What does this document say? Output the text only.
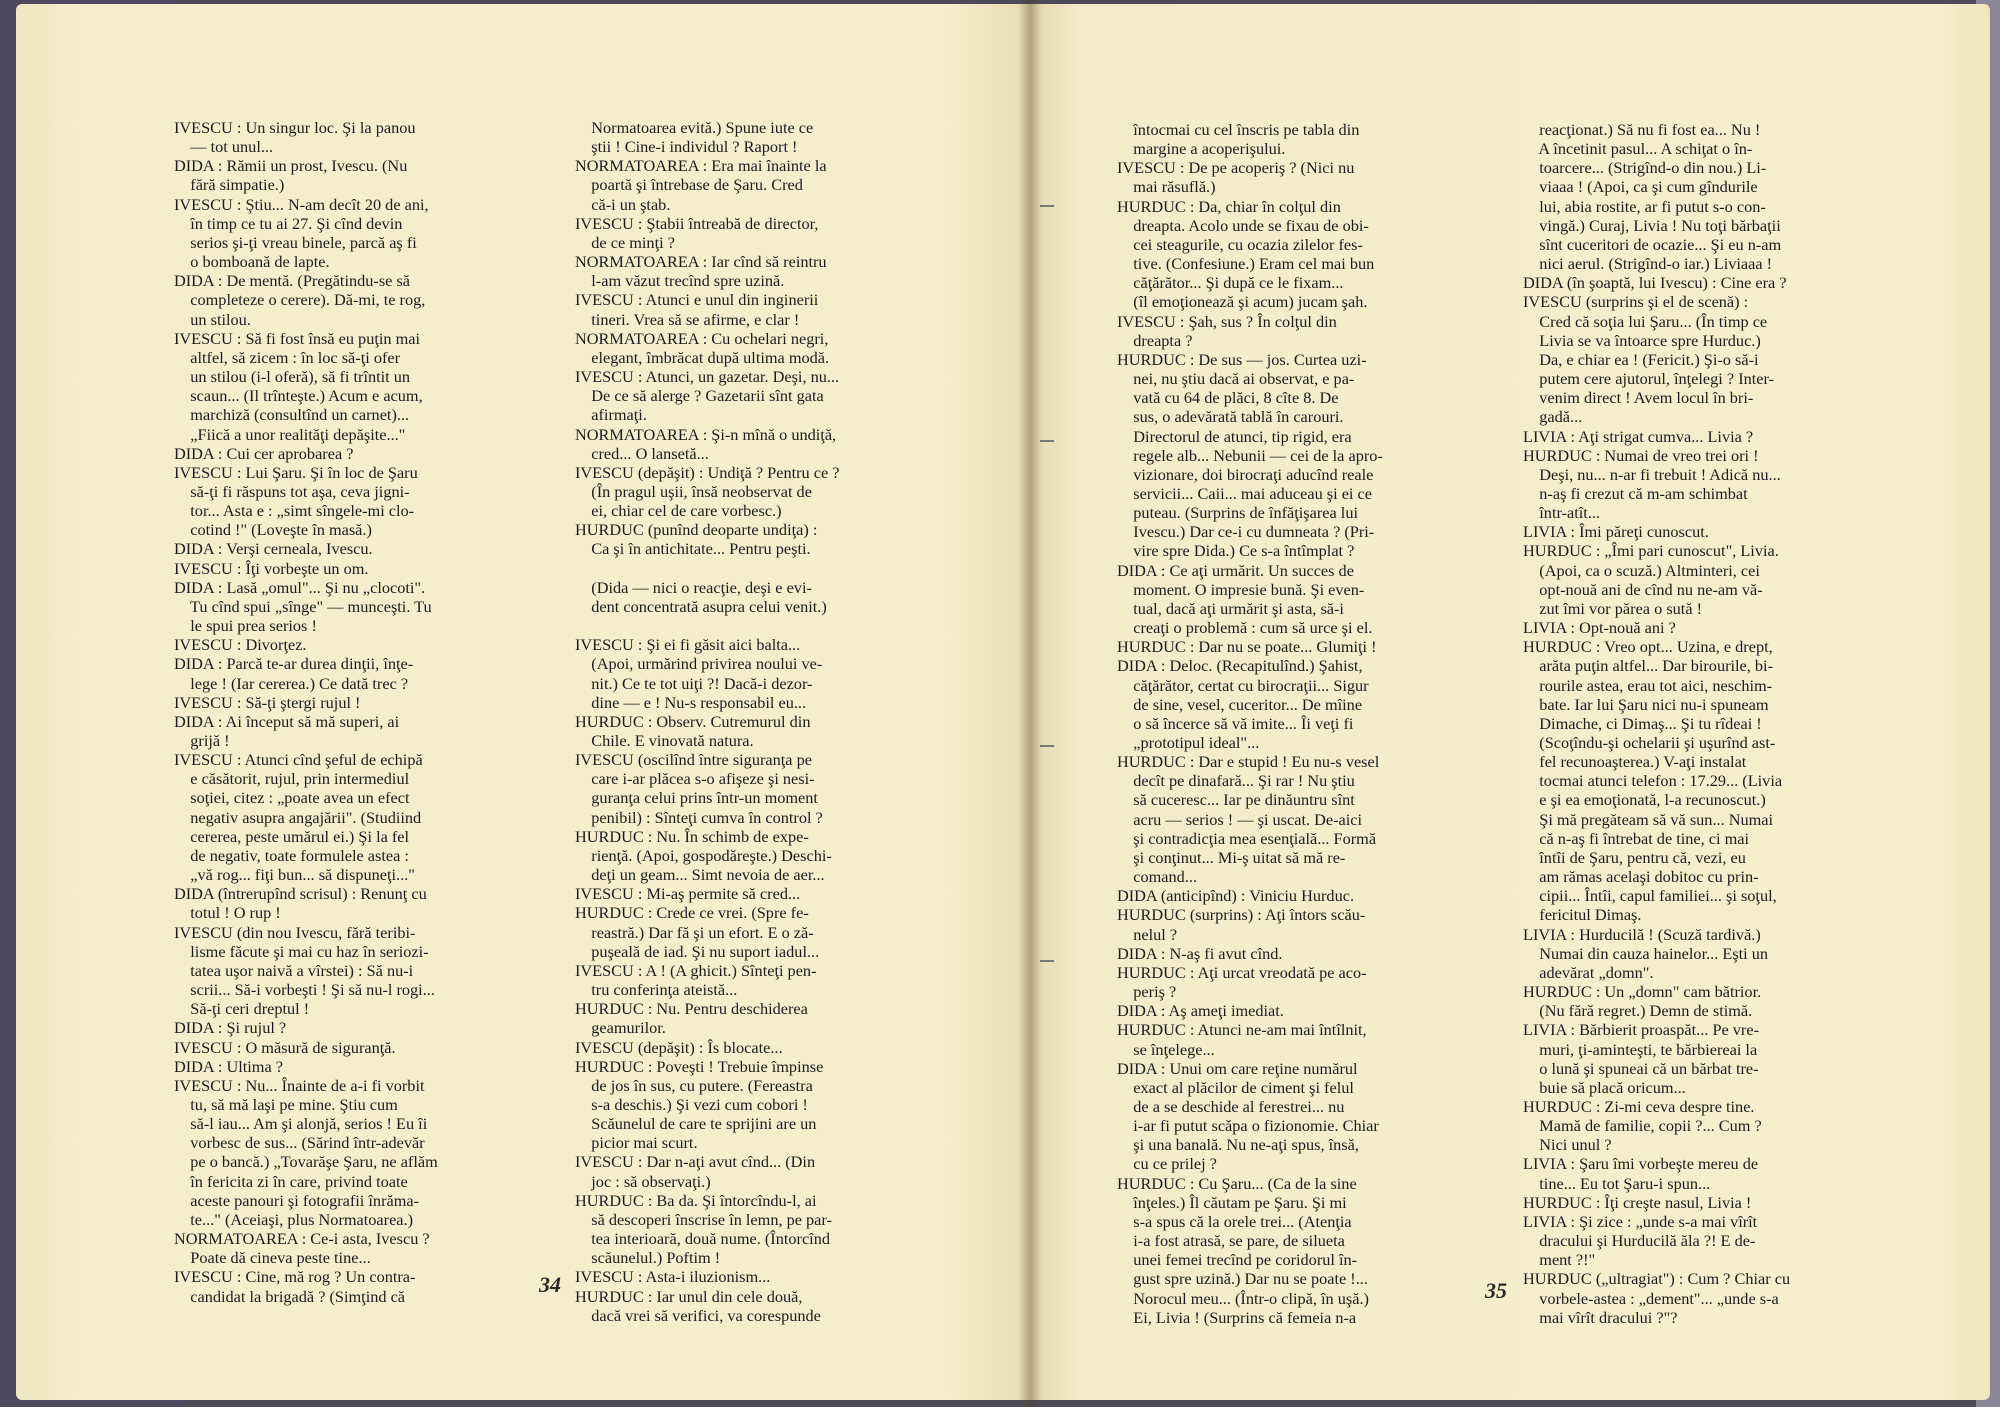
IVESCU : Un singur loc. Şi la panou
— tot unul...
DIDA : Rămii un prost, Ivescu. (Nu
fără simpatie.)
IVESCU : Ştiu... N-am decît 20 de ani,
în timp ce tu ai 27. Şi cînd devin
serios şi-ţi vreau binele, parcă aş fi
o bomboană de lapte.
DIDA : De mentă. (Pregătindu-se să
completeze o cerere). Dă-mi, te rog,
un stilou.
IVESCU : Să fi fost însă eu puţin mai
altfel, să zicem : în loc să-ţi ofer
un stilou (i-l oferă), să fi trîntit un
scaun... (Il trînteşte.) Acum e acum,
marchiză (consultînd un carnet)...
„Fiică a unor realităţi depăşite..."
DIDA : Cui cer aprobarea ?
IVESCU : Lui Şaru. Şi în loc de Şaru
să-ţi fi răspuns tot aşa, ceva jigni-
tor... Asta e : „simt sîngele-mi clo-
cotind !" (Loveşte în masă.)
DIDA : Verşi cerneala, Ivescu.
IVESCU : Îţi vorbeşte un om.
DIDA : Lasă „omul"... Şi nu „clocoti".
Tu cînd spui „sînge" — munceşti. Tu
le spui prea serios !
IVESCU : Divorţez.
DIDA : Parcă te-ar durea dinţii, înţe-
lege ! (Iar cererea.) Ce dată trec ?
IVESCU : Să-ţi ştergi rujul !
DIDA : Ai început să mă superi, ai
grijă !
IVESCU : Atunci cînd şeful de echipă
e căsătorit, rujul, prin intermediul
soţiei, citez : „poate avea un efect
negativ asupra angajării". (Studiind
cererea, peste umărul ei.) Şi la fel
de negativ, toate formulele astea :
„vă rog... fiţi bun... să dispuneţi..."
DIDA (întrerupînd scrisul) : Renunţ cu
totul ! O rup !
IVESCU (din nou Ivescu, fără teribi-
lisme făcute şi mai cu haz în seriozi-
tatea uşor naivă a vîrstei) : Să nu-i
scrii... Să-i vorbeşti ! Şi să nu-l rogi...
Să-ţi ceri dreptul !
DIDA : Şi rujul ?
IVESCU : O măsură de siguranţă.
DIDA : Ultima ?
IVESCU : Nu... Înainte de a-i fi vorbit
tu, să mă laşi pe mine. Ştiu cum
să-l iau... Am şi alonjă, serios ! Eu îi
vorbesc de sus... (Sărind într-adevăr
pe o bancă.) „Tovarăşe Şaru, ne aflăm
în fericita zi în care, privind toate
aceste panouri şi fotografii înrăma-
te..." (Aceiaşi, plus Normatoarea.)
NORMATOAREA : Ce-i asta, Ivescu ?
Poate dă cineva peste tine...
IVESCU : Cine, mă rog ? Un contra-
candidat la brigadă ? (Simţind că
Normatoarea evită.) Spune iute ce
ştii ! Cine-i individul ? Raport !
NORMATOAREA : Era mai înainte la
poartă şi întrebase de Şaru. Cred
că-i un ştab.
IVESCU : Ştabii întreabă de director,
de ce minţi ?
NORMATOAREA : Iar cînd să reintru
l-am văzut trecînd spre uzină.
IVESCU : Atunci e unul din inginerii
tineri. Vrea să se afirme, e clar !
NORMATOAREA : Cu ochelari negri,
elegant, îmbrăcat după ultima modă.
IVESCU : Atunci, un gazetar. Deşi, nu...
De ce să alerge ? Gazetarii sînt gata
afirmaţi.
NORMATOAREA : Şi-n mînă o undiţă,
cred... O lansetă...
IVESCU (depăşit) : Undiţă ? Pentru ce ?
(În pragul uşii, însă neobservat de
ei, chiar cel de care vorbesc.)
HURDUC (punînd deoparte undiţa) :
Ca şi în antichitate... Pentru peşti.

(Dida — nici o reacţie, deşi e evi-
dent concentrată asupra celui venit.)

IVESCU : Şi ei fi găsit aici balta...
(Apoi, urmărind privirea noului ve-
nit.) Ce te tot uiţi ?! Dacă-i dezor-
dine — e ! Nu-s responsabil eu...
HURDUC : Observ. Cutremurul din
Chile. E vinovată natura.
IVESCU (oscilînd între siguranţa pe
care i-ar plăcea s-o afişeze şi nesi-
guranţa celui prins într-un moment
penibil) : Sînteţi cumva în control ?
HURDUC : Nu. În schimb de expe-
rienţă. (Apoi, gospodăreşte.) Deschi-
deţi un geam... Simt nevoia de aer...
IVESCU : Mi-aş permite să cred...
HURDUC : Crede ce vrei. (Spre fe-
reastră.) Dar fă şi un efort. E o ză-
puşeală de iad. Şi nu suport iadul...
IVESCU : A ! (A ghicit.) Sînteţi pen-
tru conferinţa ateistă...
HURDUC : Nu. Pentru deschiderea
geamurilor.
IVESCU (depăşit) : Îs blocate...
HURDUC : Poveşti ! Trebuie împinse
de jos în sus, cu putere. (Fereastra
s-a deschis.) Şi vezi cum cobori !
Scăunelul de care te sprijini are un
picior mai scurt.
IVESCU : Dar n-aţi avut cînd... (Din
joc : să observaţi.)
HURDUC : Ba da. Şi întorcîndu-l, ai
să descoperi înscrise în lemn, pe par-
tea interioară, două nume. (Întorcînd
scăunelul.) Poftim !
IVESCU : Asta-i iluzionism...
HURDUC : Iar unul din cele două,
dacă vrei să verifici, va corespunde
34
întocmai cu cel înscris pe tabla din
margine a acoperişului.
IVESCU : De pe acoperiş ? (Nici nu
mai răsuflă.)
HURDUC : Da, chiar în colţul din
dreapta. Acolo unde se fixau de obi-
cei steagurile, cu ocazia zilelor fes-
tive. (Confesiune.) Eram cel mai bun
căţărător... Şi după ce le fixam...
(îl emoţionează şi acum) jucam şah.
IVESCU : Şah, sus ? În colţul din
dreapta ?
HURDUC : De sus — jos. Curtea uzi-
nei, nu ştiu dacă ai observat, e pa-
vată cu 64 de plăci, 8 cîte 8. De
sus, o adevărată tablă în carouri.
Directorul de atunci, tip rigid, era
regele alb... Nebunii — cei de la apro-
vizionare, doi birocraţi aducînd reale
servicii... Caii... mai aduceau şi ei ce
puteau. (Surprins de înfăţişarea lui
Ivescu.) Dar ce-i cu dumneata ? (Pri-
vire spre Dida.) Ce s-a întîmplat ?
DIDA : Ce aţi urmărit. Un succes de
moment. O impresie bună. Şi even-
tual, dacă aţi urmărit şi asta, să-i
creaţi o problemă : cum să urce şi el.
HURDUC : Dar nu se poate... Glumiţi !
DIDA : Deloc. (Recapitulînd.) Şahist,
căţărător, certat cu birocraţii... Sigur
de sine, vesel, cuceritor... De mîine
o să încerce să vă imite... Îi veţi fi
„prototipul ideal"...
HURDUC : Dar e stupid ! Eu nu-s vesel
decît pe dinafară... Şi rar ! Nu ştiu
să cuceresc... Iar pe dinăuntru sînt
acru — serios ! — şi uscat. De-aici
şi contradicţia mea esenţială... Formă
şi conţinut... Mi-ş uitat să mă re-
comand...
DIDA (anticipînd) : Viniciu Hurduc.
HURDUC (surprins) : Aţi întors scău-
nelul ?
DIDA : N-aş fi avut cînd.
HURDUC : Aţi urcat vreodată pe aco-
periş ?
DIDA : Aş ameţi imediat.
HURDUC : Atunci ne-am mai întîlnit,
se înţelege...
DIDA : Unui om care reţine numărul
exact al plăcilor de ciment şi felul
de a se deschide al ferestrei... nu
i-ar fi putut scăpa o fizionomie. Chiar
şi una banală. Nu ne-aţi spus, însă,
cu ce prilej ?
HURDUC : Cu Şaru... (Ca de la sine
înţeles.) Îl căutam pe Şaru. Şi mi
s-a spus că la orele trei... (Atenţia
i-a fost atrasă, se pare, de silueta
unei femei trecînd pe coridorul în-
gust spre uzină.) Dar nu se poate !...
Norocul meu... (Într-o clipă, în uşă.)
Ei, Livia ! (Surprins că femeia n-a
reacţionat.) Să nu fi fost ea... Nu !
A încetinit pasul... A schiţat o în-
toarcere... (Strigînd-o din nou.) Li-
viaaa ! (Apoi, ca şi cum gîndurile
lui, abia rostite, ar fi putut s-o con-
vingă.) Curaj, Livia ! Nu toţi bărbaţii
sînt cuceritori de ocazie... Şi eu n-am
nici aerul. (Strigînd-o iar.) Liviaaa !
DIDA (în şoaptă, lui Ivescu) : Cine era ?
IVESCU (surprins şi el de scenă) :
Cred că soţia lui Şaru... (În timp ce
Livia se va întoarce spre Hurduc.)
Da, e chiar ea ! (Fericit.) Şi-o să-i
putem cere ajutorul, înţelegi ? Inter-
venim direct ! Avem locul în bri-
gadă...
LIVIA : Aţi strigat cumva... Livia ?
HURDUC : Numai de vreo trei ori !
Deşi, nu... n-ar fi trebuit ! Adică nu...
n-aş fi crezut că m-am schimbat
într-atît...
LIVIA : Îmi păreţi cunoscut.
HURDUC : „Îmi pari cunoscut", Livia.
(Apoi, ca o scuză.) Altminteri, cei
opt-nouă ani de cînd nu ne-am vă-
zut îmi vor părea o sută !
LIVIA : Opt-nouă ani ?
HURDUC : Vreo opt... Uzina, e drept,
arăta puţin altfel... Dar birourile, bi-
rourile astea, erau tot aici, neschim-
bate. Iar lui Şaru nici nu-i spuneam
Dimache, ci Dimaş... Şi tu rîdeai !
(Scoţîndu-şi ochelarii şi uşurînd ast-
fel recunoaşterea.) V-aţi instalat
tocmai atunci telefon : 17.29... (Livia
e şi ea emoţionată, l-a recunoscut.)
Şi mă pregăteam să vă sun... Numai
că n-aş fi întrebat de tine, ci mai
întîi de Şaru, pentru că, vezi, eu
am rămas acelaşi dobitoc cu prin-
cipii... Întîi, capul familiei... şi soţul,
fericitul Dimaş.
LIVIA : Hurducilă ! (Scuză tardivă.)
Numai din cauza hainelor... Eşti un
adevărat „domn".
HURDUC : Un „domn" cam bătrior.
(Nu fără regret.) Demn de stimă.
LIVIA : Bărbierit proaspăt... Pe vre-
muri, ţi-aminteşti, te bărbiereai la
o lună şi spuneai că un bărbat tre-
buie să placă oricum...
HURDUC : Zi-mi ceva despre tine.
Mamă de familie, copii ?... Cum ?
Nici unul ?
LIVIA : Şaru îmi vorbeşte mereu de
tine... Eu tot Şaru-i spun...
HURDUC : Îţi creşte nasul, Livia !
LIVIA : Şi zice : „unde s-a mai vîrît
dracului şi Hurducilă ăla ?! E de-
ment ?!"
HURDUC („ultragiat") : Cum ? Chiar cu
vorbele-astea : „dement"... „unde s-a
mai vîrît dracului ?"?
35
